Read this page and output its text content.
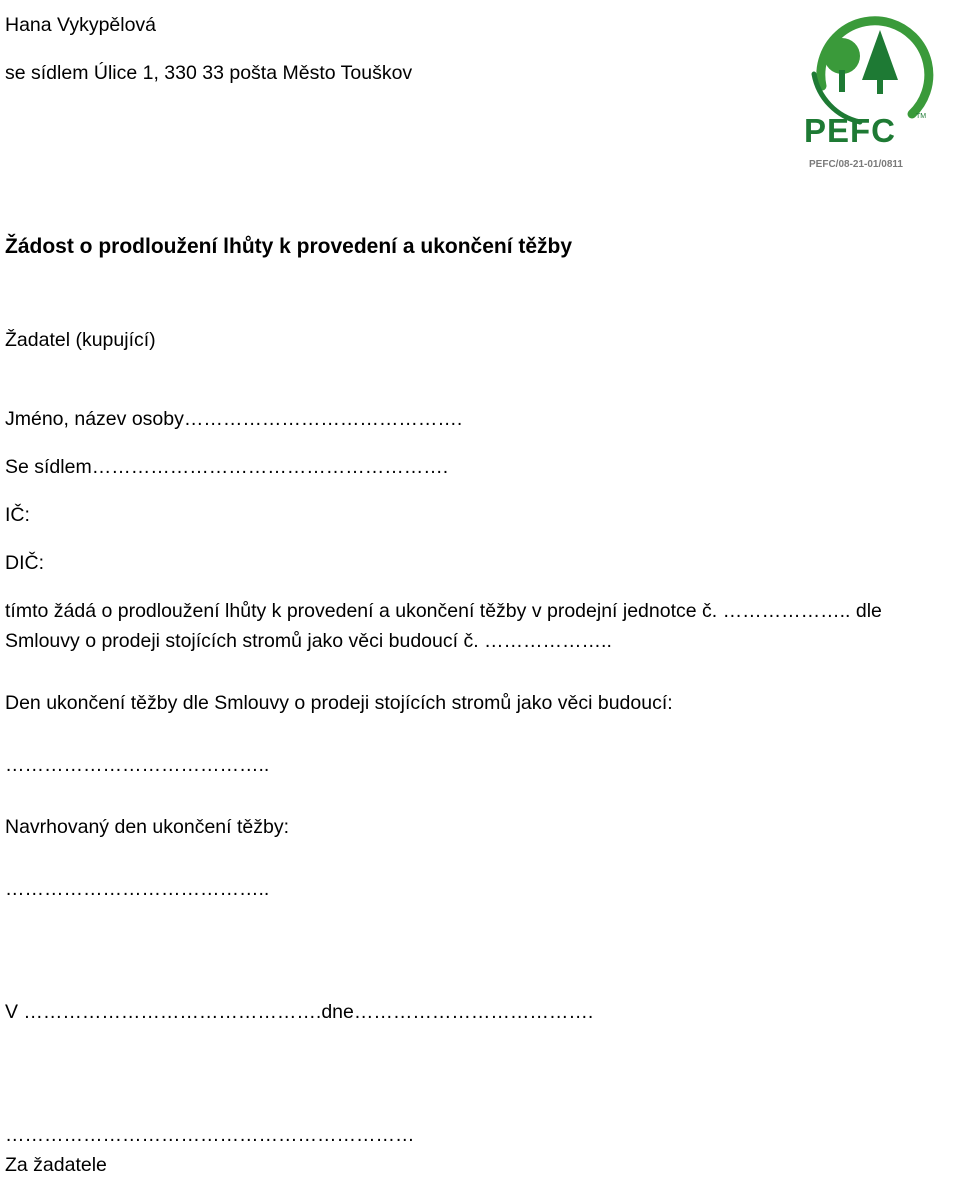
Hana Vykypělová
se sídlem Úlice 1, 330 33 pošta Město Touškov
PEFC	TM
PEFC/08-21-01/0811
Žádost o prodloužení lhůty k provedení a ukončení těžby
Žadatel (kupující)
Jméno, název osoby…………………………………….
Se sídlem……………………………………………….
IČ:
DIČ:
tímto žádá o prodloužení lhůty k provedení a ukončení těžby v prodejní jednotce č. ……………….. dle
Smlouvy o prodeji stojících stromů jako věci budoucí č. ………………..
Den ukončení těžby dle Smlouvy o prodeji stojících stromů jako věci budoucí:
…………………………………..
Navrhovaný den ukončení těžby:
…………………………………..
V ……………………………………….dne……………………………….
………………………………………………………
Za žadatele
